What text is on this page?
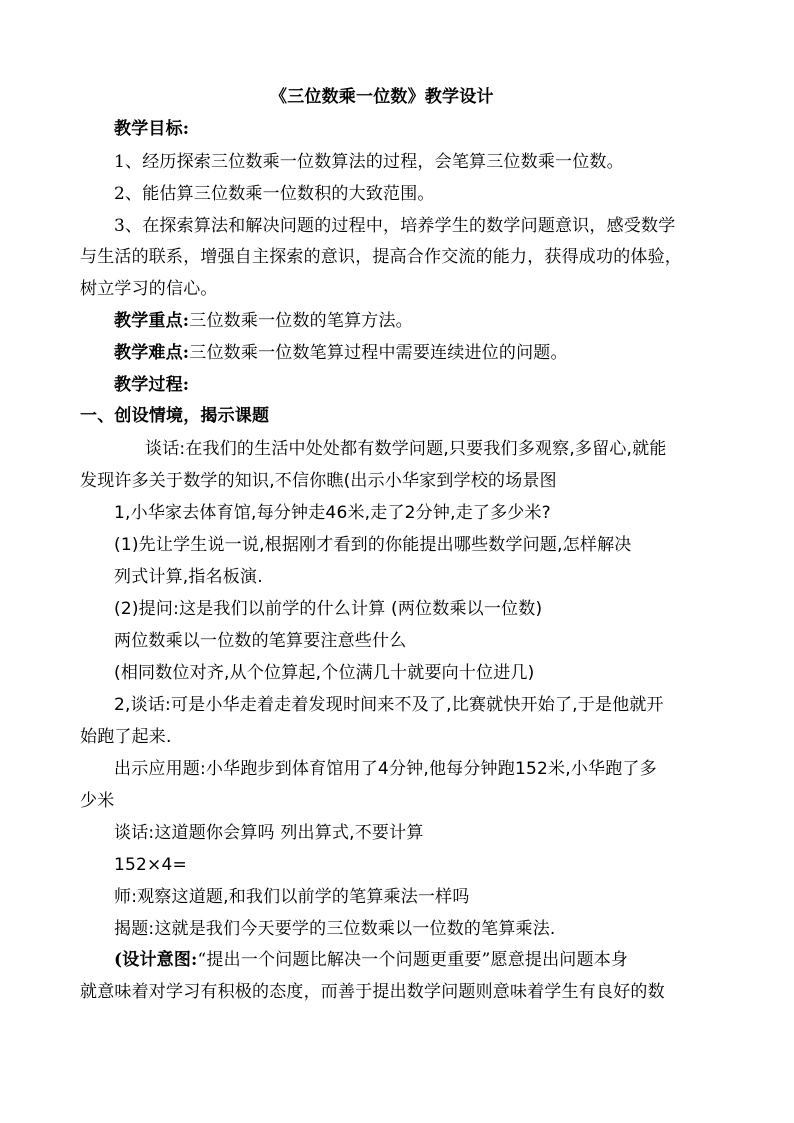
《三位数乘一位数》教学设计
教学目标:
1、经历探索三位数乘一位数算法的过程，会笔算三位数乘一位数。
2、能估算三位数乘一位数积的大致范围。
3、在探索算法和解决问题的过程中，培养学生的数学问题意识，感受数学
与生活的联系，增强自主探索的意识，提高合作交流的能力，获得成功的体验，
树立学习的信心。
教学重点:三位数乘一位数的笔算方法。
教学难点:三位数乘一位数笔算过程中需要连续进位的问题。
教学过程:
一、创设情境，揭示课题
谈话:在我们的生活中处处都有数学问题,只要我们多观察,多留心,就能
发现许多关于数学的知识,不信你瞧(出示小华家到学校的场景图
1,小华家去体育馆,每分钟走46米,走了2分钟,走了多少米?
(1)先让学生说一说,根据刚才看到的你能提出哪些数学问题,怎样解决
列式计算,指名板演.
(2)提问:这是我们以前学的什么计算 (两位数乘以一位数)
两位数乘以一位数的笔算要注意些什么
(相同数位对齐,从个位算起,个位满几十就要向十位进几)
2,谈话:可是小华走着走着发现时间来不及了,比赛就快开始了,于是他就开
始跑了起来.
出示应用题:小华跑步到体育馆用了4分钟,他每分钟跑152米,小华跑了多
少米
谈话:这道题你会算吗 列出算式,不要计算
152×4=
师:观察这道题,和我们以前学的笔算乘法一样吗
揭题:这就是我们今天要学的三位数乘以一位数的笔算乘法.
(设计意图:“提出一个问题比解决一个问题更重要”愿意提出问题本身
就意味着对学习有积极的态度，而善于提出数学问题则意味着学生有良好的数
